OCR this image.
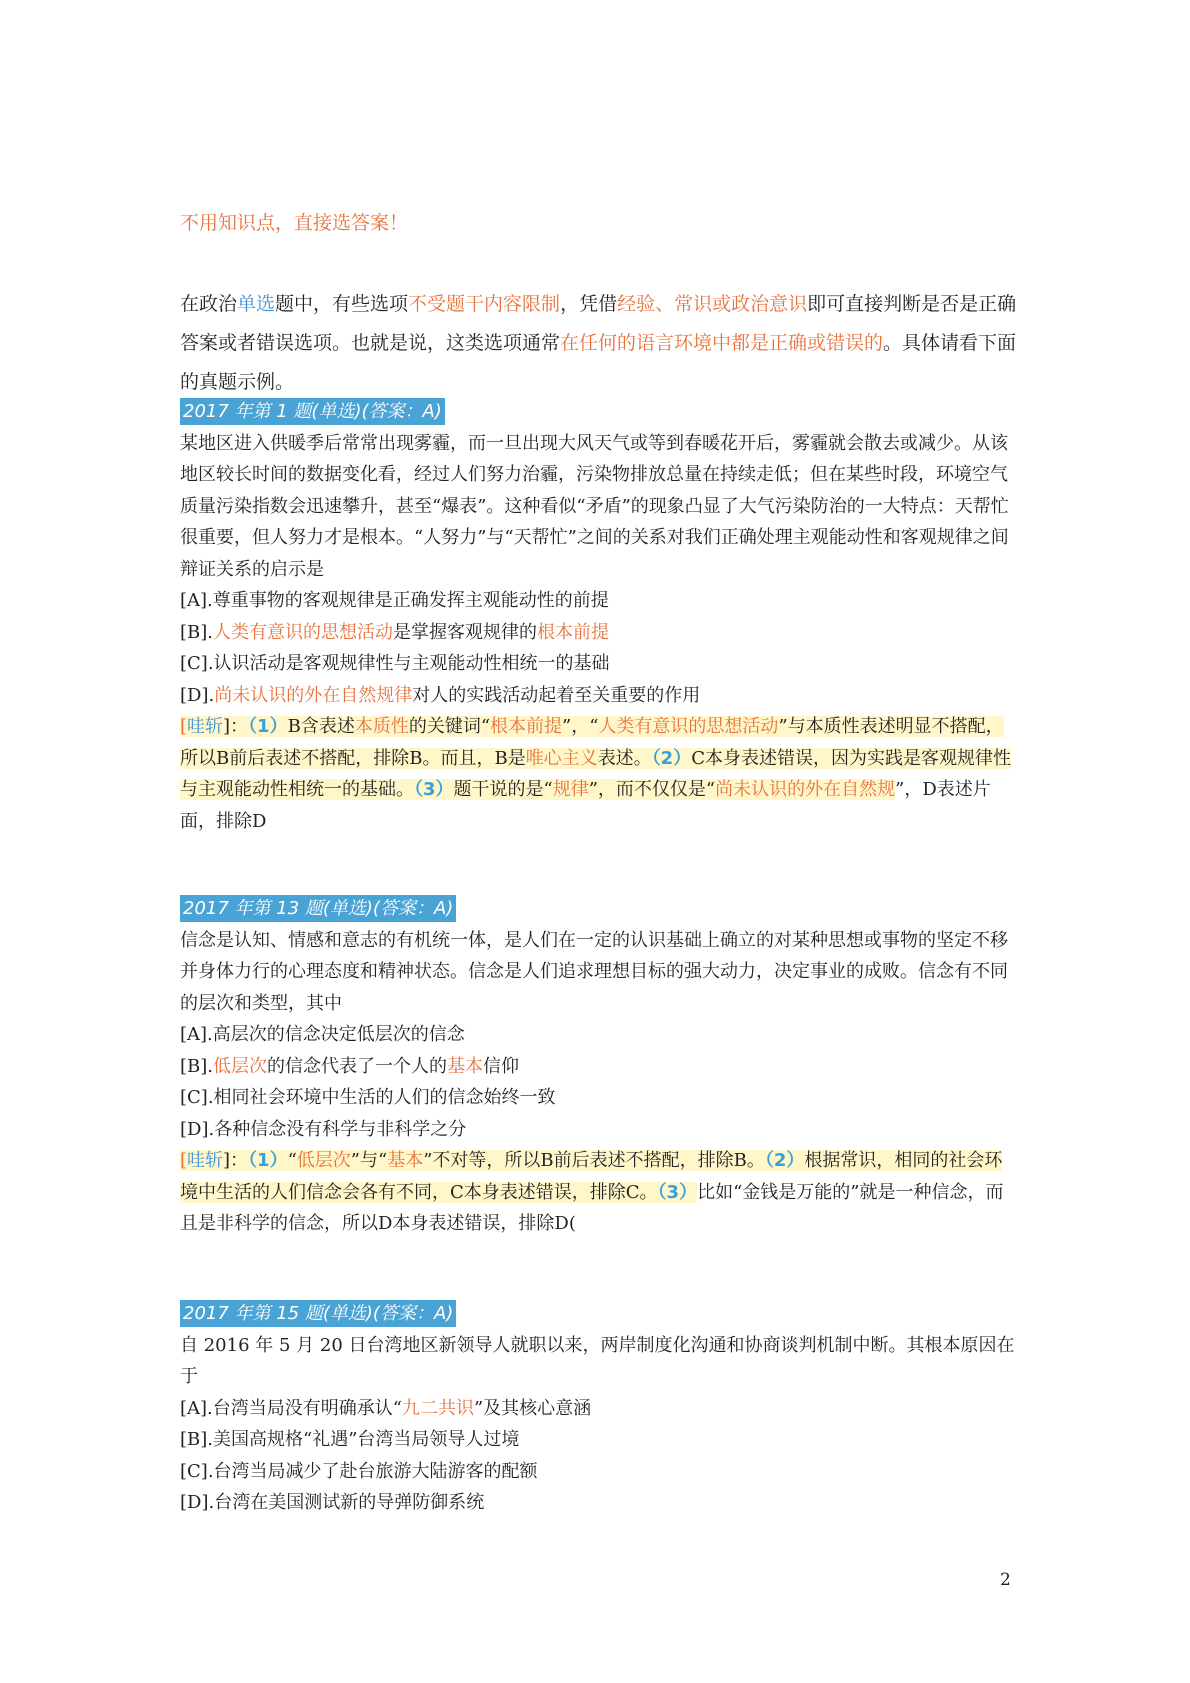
不用知识点，直接选答案！
在政治单选题中，有些选项不受题干内容限制，凭借经验、常识或政治意识即可直接判断是否是正确答案或者错误选项。也就是说，这类选项通常在任何的语言环境中都是正确或错误的。具体请看下面的真题示例。

2017 年第 1 题(单选)(答案：A)

某地区进入供暖季后常常出现雾霾，而一旦出现大风天气或等到春暖花开后，雾霾就会散去或减少。从该地区较长时间的数据变化看，经过人们努力治霾，污染物排放总量在持续走低；但在某些时段，环境空气质量污染指数会迅速攀升，甚至“爆表”。这种看似“矛盾”的现象凸显了大气污染防治的一大特点：天帮忙很重要，但人努力才是根本。“人努力”与“天帮忙”之间的关系对我们正确处理主观能动性和客观规律之间辩证关系的启示是

[A].尊重事物的客观规律是正确发挥主观能动性的前提

[B].人类有意识的思想活动是掌握客观规律的根本前提

[C].认识活动是客观规律性与主观能动性相统一的基础

[D].尚未认识的外在自然规律对人的实践活动起着至关重要的作用

[哇斩]：（1）B含表述本质性的关键词“根本前提”，“人类有意识的思想活动”与本质性表述明显不搭配，所以B前后表述不搭配，排除B。而且，B是唯心主义表述。（2）C本身表述错误，因为实践是客观规律性与主观能动性相统一的基础。（3）题干说的是“规律”，而不仅仅是“尚未认识的外在自然规”，D表述片面，排除D

2017 年第 13 题(单选)(答案：A)

信念是认知、情感和意志的有机统一体，是人们在一定的认识基础上确立的对某种思想或事物的坚定不移并身体力行的心理态度和精神状态。信念是人们追求理想目标的强大动力，决定事业的成败。信念有不同的层次和类型，其中

[A].高层次的信念决定低层次的信念

[B].低层次的信念代表了一个人的基本信仰

[C].相同社会环境中生活的人们的信念始终一致

[D].各种信念没有科学与非科学之分

[哇斩]：（1）“低层次”与“基本”不对等，所以B前后表述不搭配，排除B。（2）根据常识，相同的社会环境中生活的人们信念会各有不同，C本身表述错误，排除C。（3）比如“金钱是万能的”就是一种信念，而且是非科学的信念，所以D本身表述错误，排除D(

2017 年第 15 题(单选)(答案：A)

自 2016 年 5 月 20 日台湾地区新领导人就职以来，两岸制度化沟通和协商谈判机制中断。其根本原因在于

[A].台湾当局没有明确承认“九二共识”及其核心意涵

[B].美国高规格“礼遇”台湾当局领导人过境

[C].台湾当局减少了赴台旅游大陆游客的配额

[D].台湾在美国测试新的导弹防御系统

2
